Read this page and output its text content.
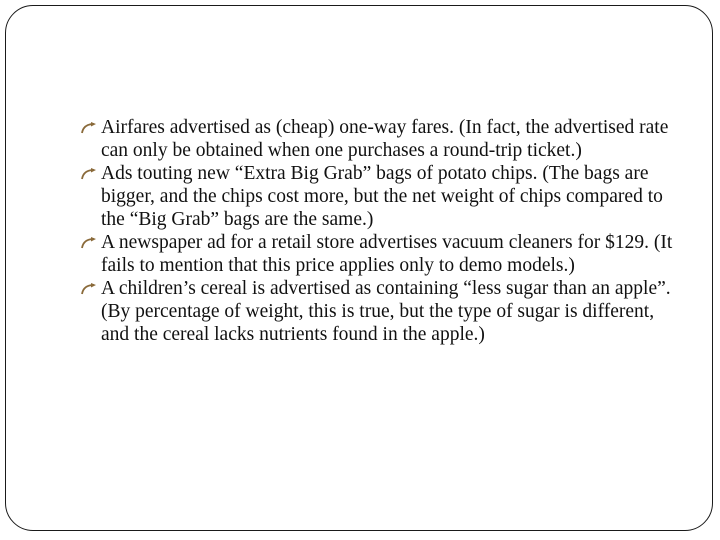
Airfares advertised as (cheap) one-way fares. (In fact, the advertised rate can only be obtained when one purchases a round-trip ticket.)
Ads touting new “Extra Big Grab” bags of potato chips. (The bags are bigger, and the chips cost more, but the net weight of chips compared to the “Big Grab” bags are the same.)
A newspaper ad for a retail store advertises vacuum cleaners for $129. (It fails to mention that this price applies only to demo models.)
A children’s cereal is advertised as containing “less sugar than an apple”. (By percentage of weight, this is true, but the type of sugar is different, and the cereal lacks nutrients found in the apple.)
